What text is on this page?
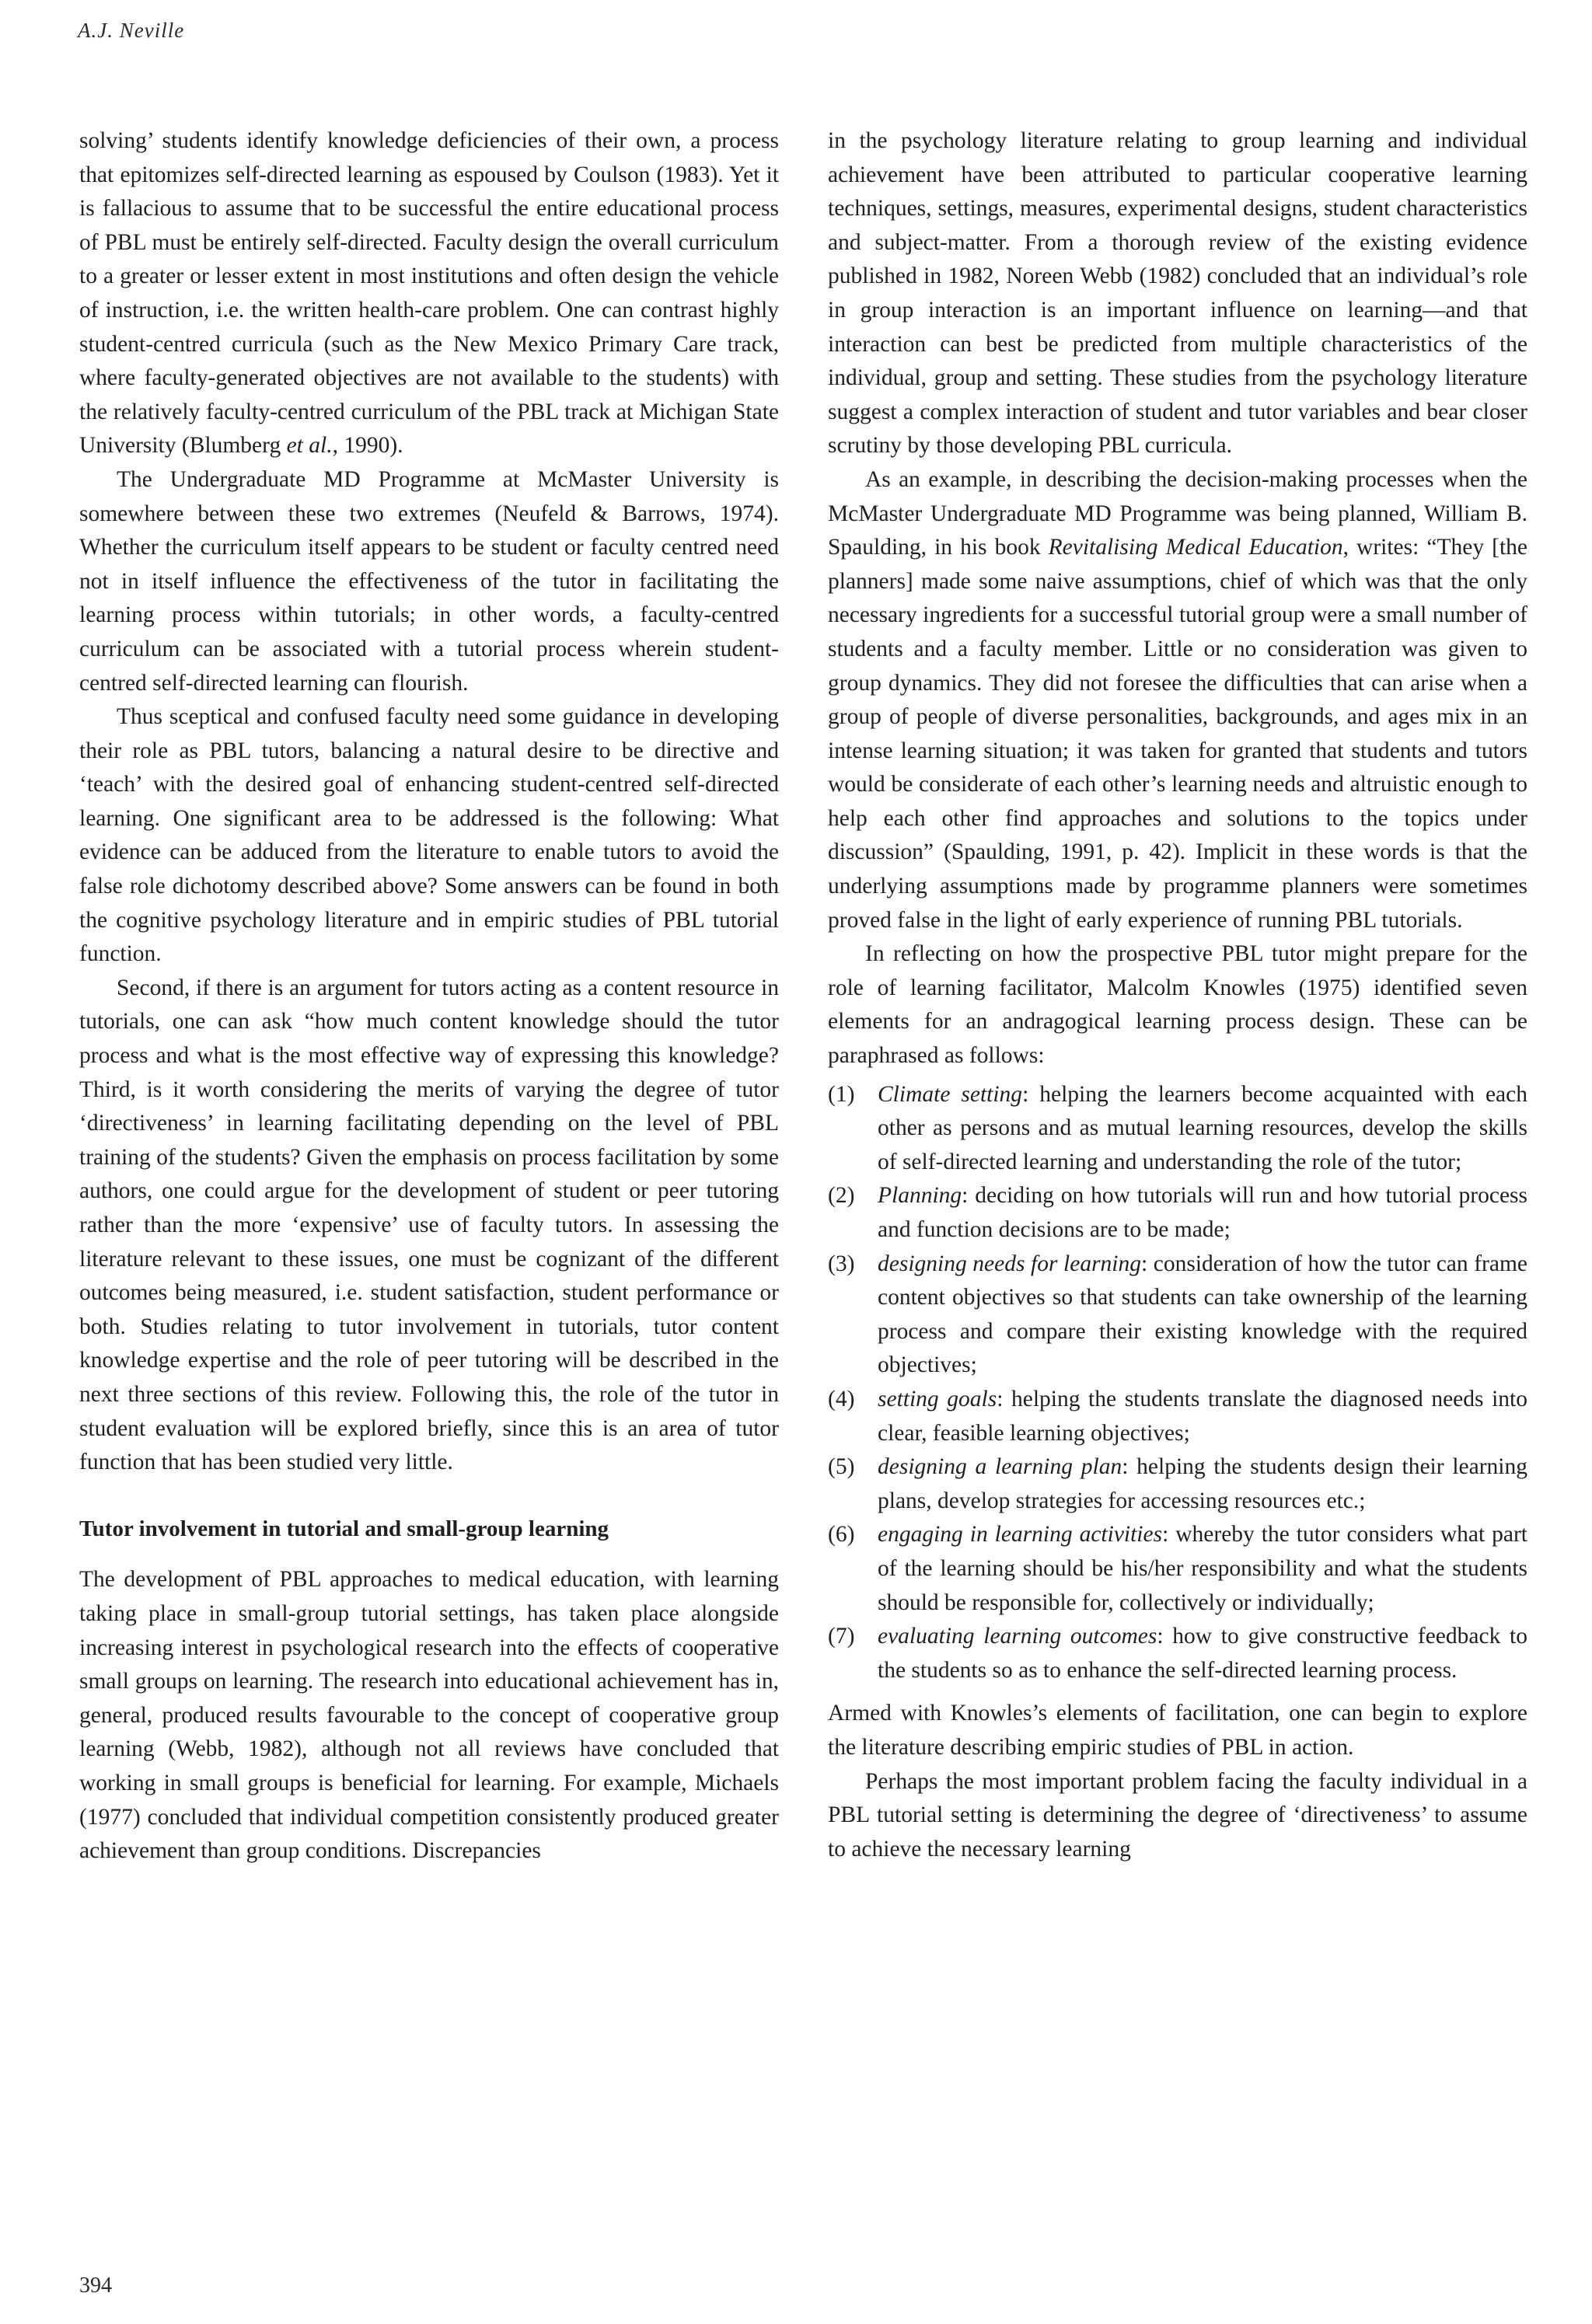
A.J. Neville

solving’ students identify knowledge deficiencies of their own, a process that epitomizes self-directed learning as espoused by Coulson (1983). Yet it is fallacious to assume that to be successful the entire educational process of PBL must be entirely self-directed. Faculty design the overall curriculum to a greater or lesser extent in most institutions and often design the vehicle of instruction, i.e. the written health-care problem. One can contrast highly student-centred curricula (such as the New Mexico Primary Care track, where faculty-generated objectives are not available to the students) with the relatively faculty-centred curriculum of the PBL track at Michigan State University (Blumberg et al., 1990).

The Undergraduate MD Programme at McMaster University is somewhere between these two extremes (Neufeld & Barrows, 1974). Whether the curriculum itself appears to be student or faculty centred need not in itself influence the effectiveness of the tutor in facilitating the learning process within tutorials; in other words, a faculty-centred curriculum can be associated with a tutorial process wherein student-centred self-directed learning can flourish.

Thus sceptical and confused faculty need some guidance in developing their role as PBL tutors, balancing a natural desire to be directive and ‘teach’ with the desired goal of enhancing student-centred self-directed learning. One significant area to be addressed is the following: What evidence can be adduced from the literature to enable tutors to avoid the false role dichotomy described above? Some answers can be found in both the cognitive psychology literature and in empiric studies of PBL tutorial function.

Second, if there is an argument for tutors acting as a content resource in tutorials, one can ask “how much content knowledge should the tutor process and what is the most effective way of expressing this knowledge? Third, is it worth considering the merits of varying the degree of tutor ‘directiveness’ in learning facilitating depending on the level of PBL training of the students? Given the emphasis on process facilitation by some authors, one could argue for the development of student or peer tutoring rather than the more ‘expensive’ use of faculty tutors. In assessing the literature relevant to these issues, one must be cognizant of the different outcomes being measured, i.e. student satisfaction, student performance or both. Studies relating to tutor involvement in tutorials, tutor content knowledge expertise and the role of peer tutoring will be described in the next three sections of this review. Following this, the role of the tutor in student evaluation will be explored briefly, since this is an area of tutor function that has been studied very little.

Tutor involvement in tutorial and small-group learning

The development of PBL approaches to medical education, with learning taking place in small-group tutorial settings, has taken place alongside increasing interest in psychological research into the effects of cooperative small groups on learning. The research into educational achievement has in, general, produced results favourable to the concept of cooperative group learning (Webb, 1982), although not all reviews have concluded that working in small groups is beneficial for learning. For example, Michaels (1977) concluded that individual competition consistently produced greater achievement than group conditions. Discrepancies

in the psychology literature relating to group learning and individual achievement have been attributed to particular cooperative learning techniques, settings, measures, experimental designs, student characteristics and subject-matter. From a thorough review of the existing evidence published in 1982, Noreen Webb (1982) concluded that an individual’s role in group interaction is an important influence on learning—and that interaction can best be predicted from multiple characteristics of the individual, group and setting. These studies from the psychology literature suggest a complex interaction of student and tutor variables and bear closer scrutiny by those developing PBL curricula.

As an example, in describing the decision-making processes when the McMaster Undergraduate MD Programme was being planned, William B. Spaulding, in his book Revitalising Medical Education, writes: “They [the planners] made some naive assumptions, chief of which was that the only necessary ingredients for a successful tutorial group were a small number of students and a faculty member. Little or no consideration was given to group dynamics. They did not foresee the difficulties that can arise when a group of people of diverse personalities, backgrounds, and ages mix in an intense learning situation; it was taken for granted that students and tutors would be considerate of each other’s learning needs and altruistic enough to help each other find approaches and solutions to the topics under discussion” (Spaulding, 1991, p. 42). Implicit in these words is that the underlying assumptions made by programme planners were sometimes proved false in the light of early experience of running PBL tutorials.

In reflecting on how the prospective PBL tutor might prepare for the role of learning facilitator, Malcolm Knowles (1975) identified seven elements for an andragogical learning process design. These can be paraphrased as follows:

(1) Climate setting: helping the learners become acquainted with each other as persons and as mutual learning resources, develop the skills of self-directed learning and understanding the role of the tutor;
(2) Planning: deciding on how tutorials will run and how tutorial process and function decisions are to be made;
(3) designing needs for learning: consideration of how the tutor can frame content objectives so that students can take ownership of the learning process and compare their existing knowledge with the required objectives;
(4) setting goals: helping the students translate the diagnosed needs into clear, feasible learning objectives;
(5) designing a learning plan: helping the students design their learning plans, develop strategies for accessing resources etc.;
(6) engaging in learning activities: whereby the tutor considers what part of the learning should be his/her responsibility and what the students should be responsible for, collectively or individually;
(7) evaluating learning outcomes: how to give constructive feedback to the students so as to enhance the self-directed learning process.

Armed with Knowles’s elements of facilitation, one can begin to explore the literature describing empiric studies of PBL in action.

Perhaps the most important problem facing the faculty individual in a PBL tutorial setting is determining the degree of ‘directiveness’ to assume to achieve the necessary learning

394
